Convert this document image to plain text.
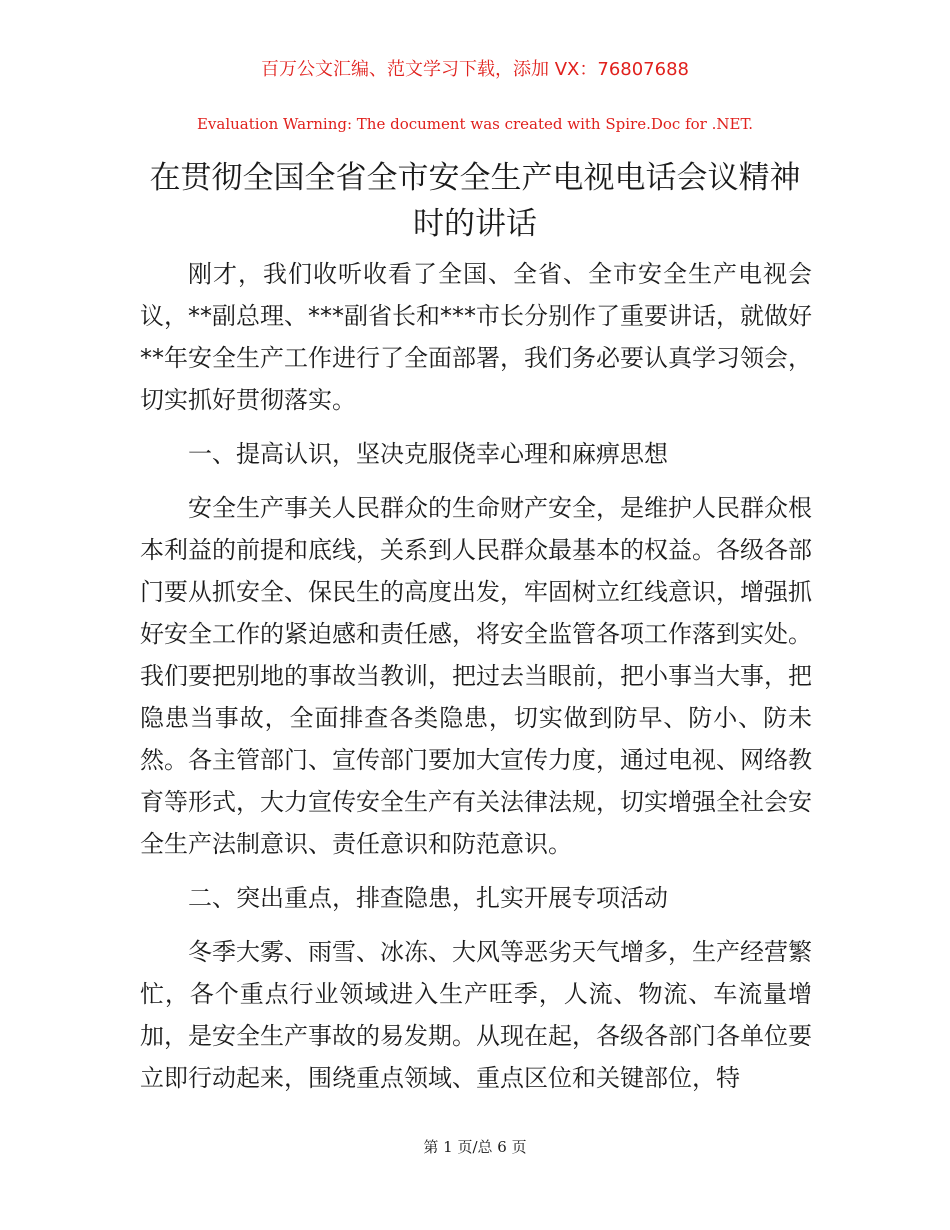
百万公文汇编、范文学习下载，添加 VX：76807688
Evaluation Warning: The document was created with Spire.Doc for .NET.
在贯彻全国全省全市安全生产电视电话会议精神时的讲话

刚才，我们收听收看了全国、全省、全市安全生产电视会议，**副总理、***副省长和***市长分别作了重要讲话，就做好**年安全生产工作进行了全面部署，我们务必要认真学习领会，切实抓好贯彻落实。

一、提高认识，坚决克服侥幸心理和麻痹思想

安全生产事关人民群众的生命财产安全，是维护人民群众根本利益的前提和底线，关系到人民群众最基本的权益。各级各部门要从抓安全、保民生的高度出发，牢固树立红线意识，增强抓好安全工作的紧迫感和责任感，将安全监管各项工作落到实处。我们要把别地的事故当教训，把过去当眼前，把小事当大事，把隐患当事故，全面排查各类隐患，切实做到防早、防小、防未然。各主管部门、宣传部门要加大宣传力度，通过电视、网络教育等形式，大力宣传安全生产有关法律法规，切实增强全社会安全生产法制意识、责任意识和防范意识。

二、突出重点，排查隐患，扎实开展专项活动

冬季大雾、雨雪、冰冻、大风等恶劣天气增多，生产经营繁忙，各个重点行业领域进入生产旺季，人流、物流、车流量增加，是安全生产事故的易发期。从现在起，各级各部门各单位要立即行动起来，围绕重点领域、重点区位和关键部位，特

第 1 页/总 6 页
